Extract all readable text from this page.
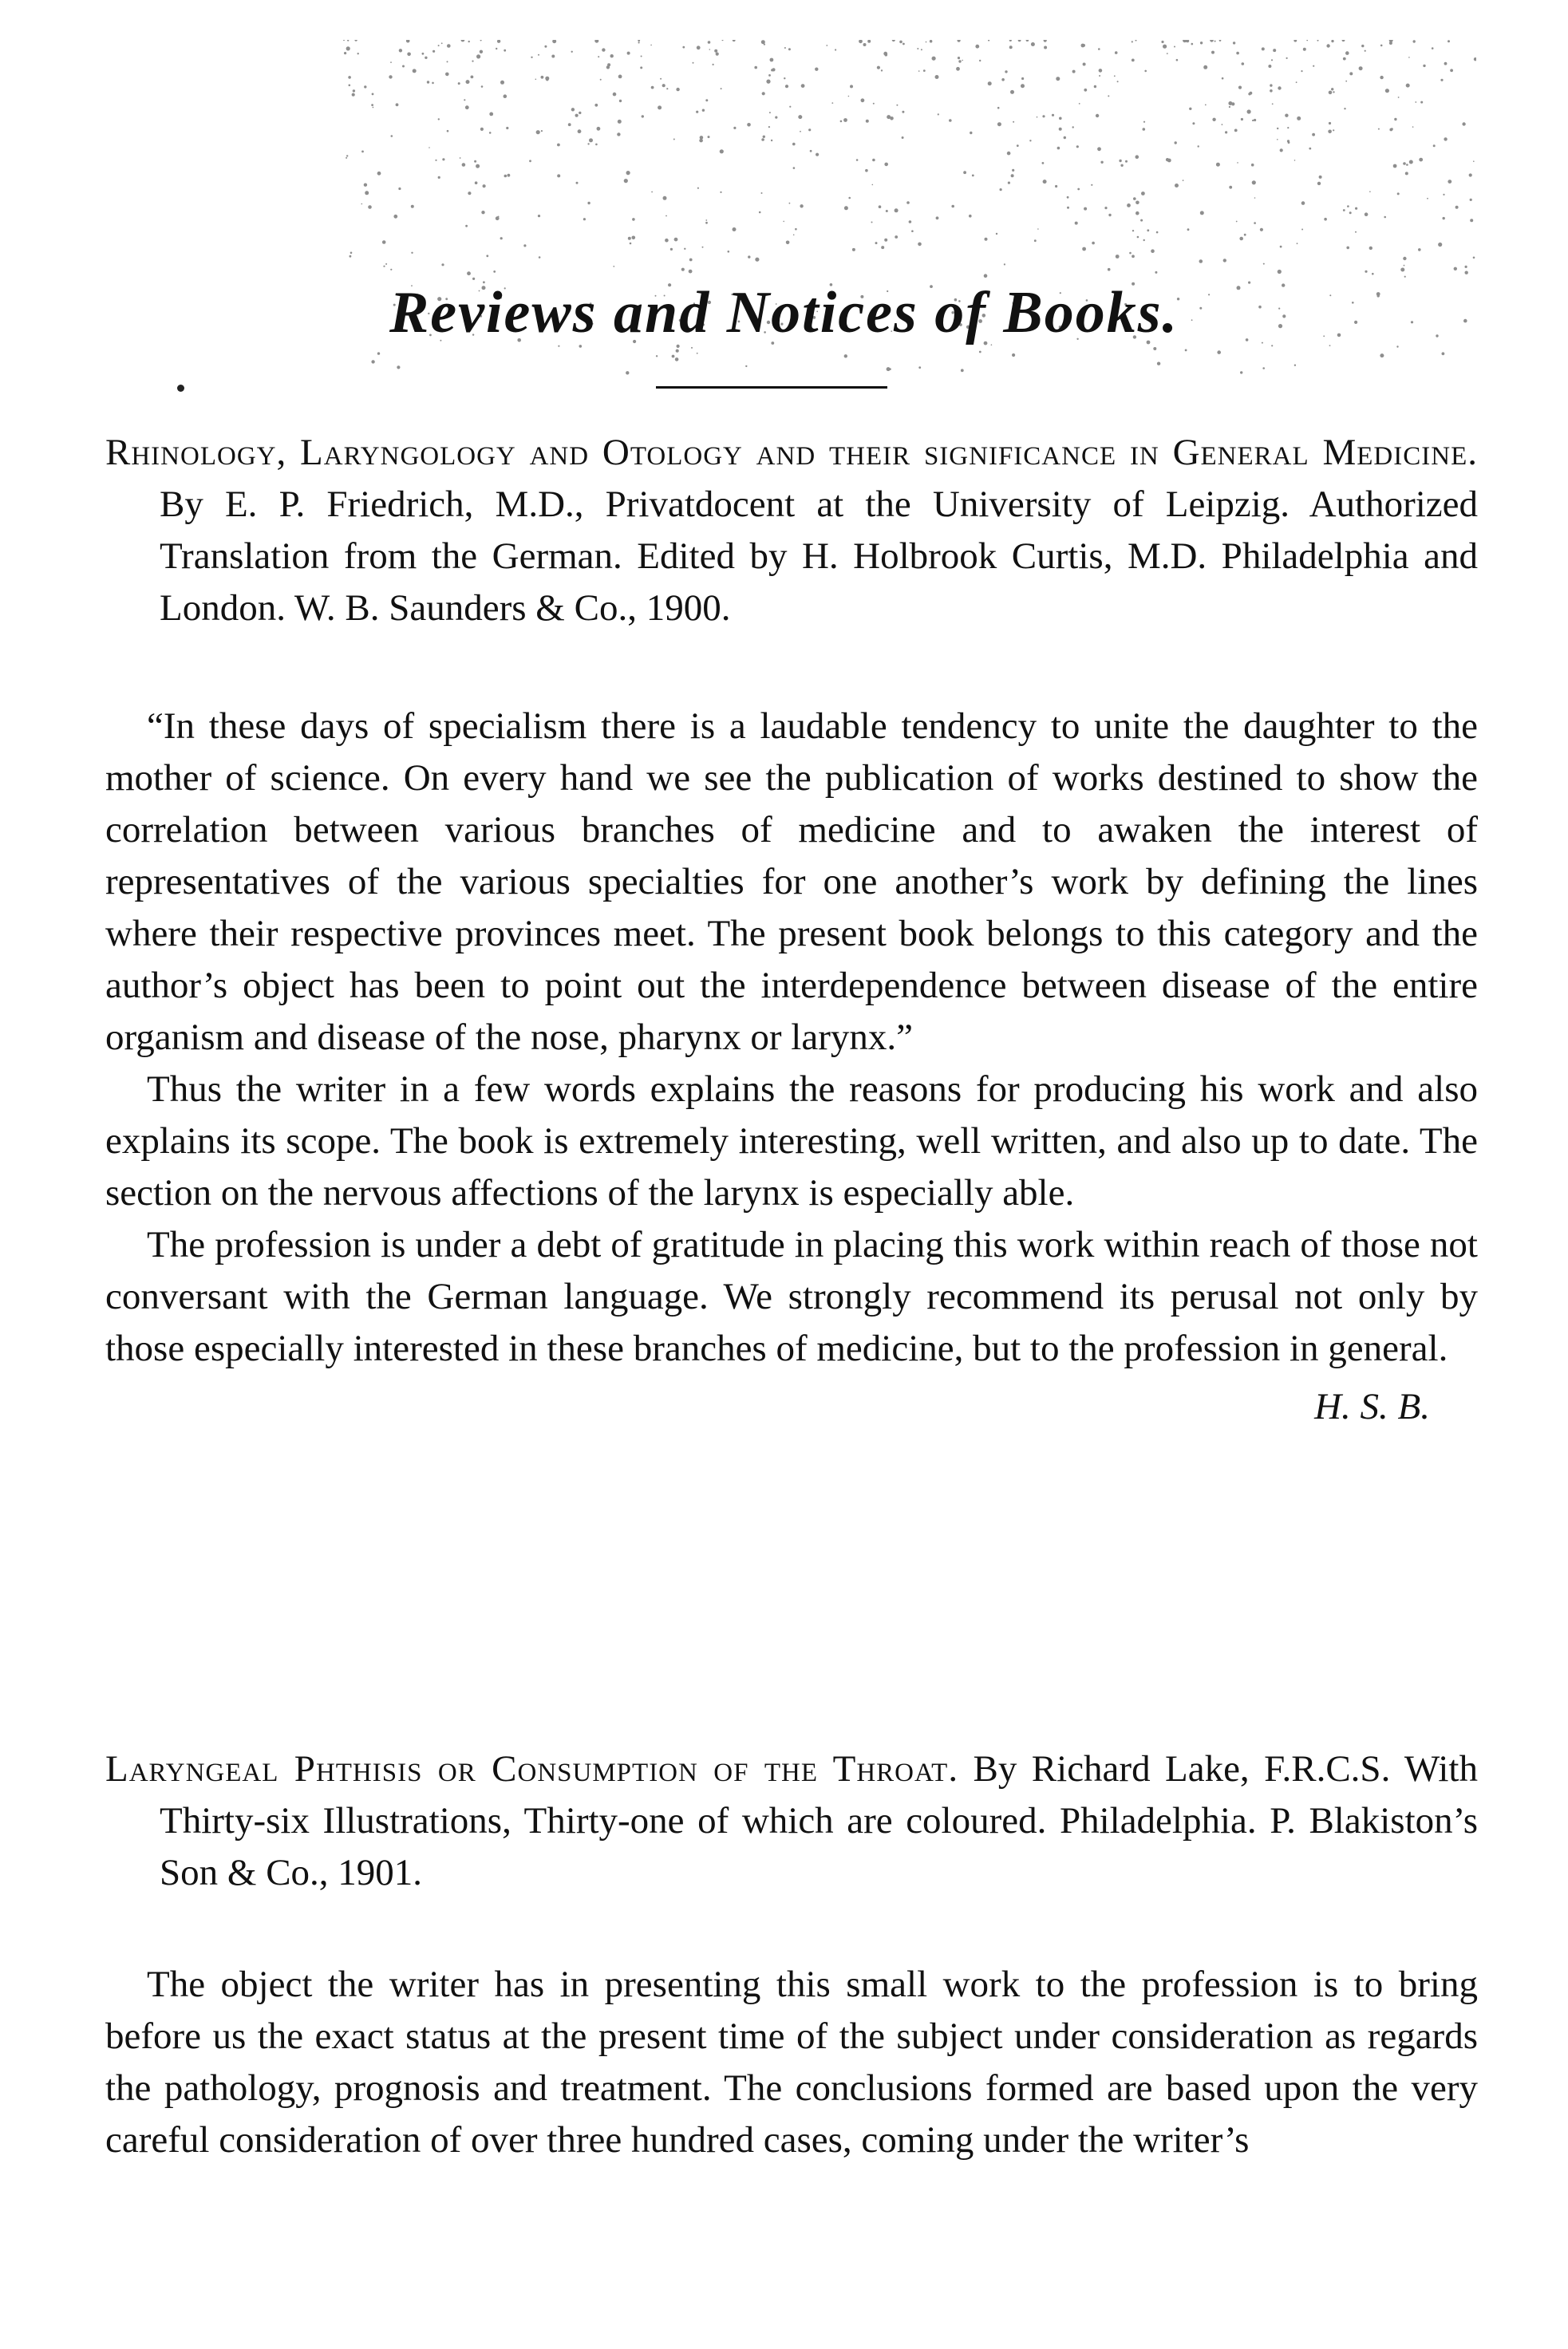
Reviews and Notices of Books.

Rhinology, Laryngology and Otology and their significance in General Medicine. By E. P. Friedrich, M.D., Privatdocent at the University of Leipzig. Authorized Translation from the German. Edited by H. Holbrook Curtis, M.D. Philadelphia and London. W. B. Saunders & Co., 1900.

“In these days of specialism there is a laudable tendency to unite the daughter to the mother of science. On every hand we see the publication of works destined to show the correlation between various branches of medicine and to awaken the interest of representatives of the various specialties for one another’s work by defining the lines where their respective provinces meet. The present book belongs to this category and the author’s object has been to point out the interdependence between disease of the entire organism and disease of the nose, pharynx or larynx.”

Thus the writer in a few words explains the reasons for producing his work and also explains its scope. The book is extremely interesting, well written, and also up to date. The section on the nervous affections of the larynx is especially able.

The profession is under a debt of gratitude in placing this work within reach of those not conversant with the German language. We strongly recommend its perusal not only by those especially interested in these branches of medicine, but to the profession in general.

H. S. B.

Laryngeal Phthisis or Consumption of the Throat. By Richard Lake, F.R.C.S. With Thirty-six Illustrations, Thirty-one of which are coloured. Philadelphia. P. Blakiston’s Son & Co., 1901.

The object the writer has in presenting this small work to the profession is to bring before us the exact status at the present time of the subject under consideration as regards the pathology, prognosis and treatment. The conclusions formed are based upon the very careful consideration of over three hundred cases, coming under the writer’s
